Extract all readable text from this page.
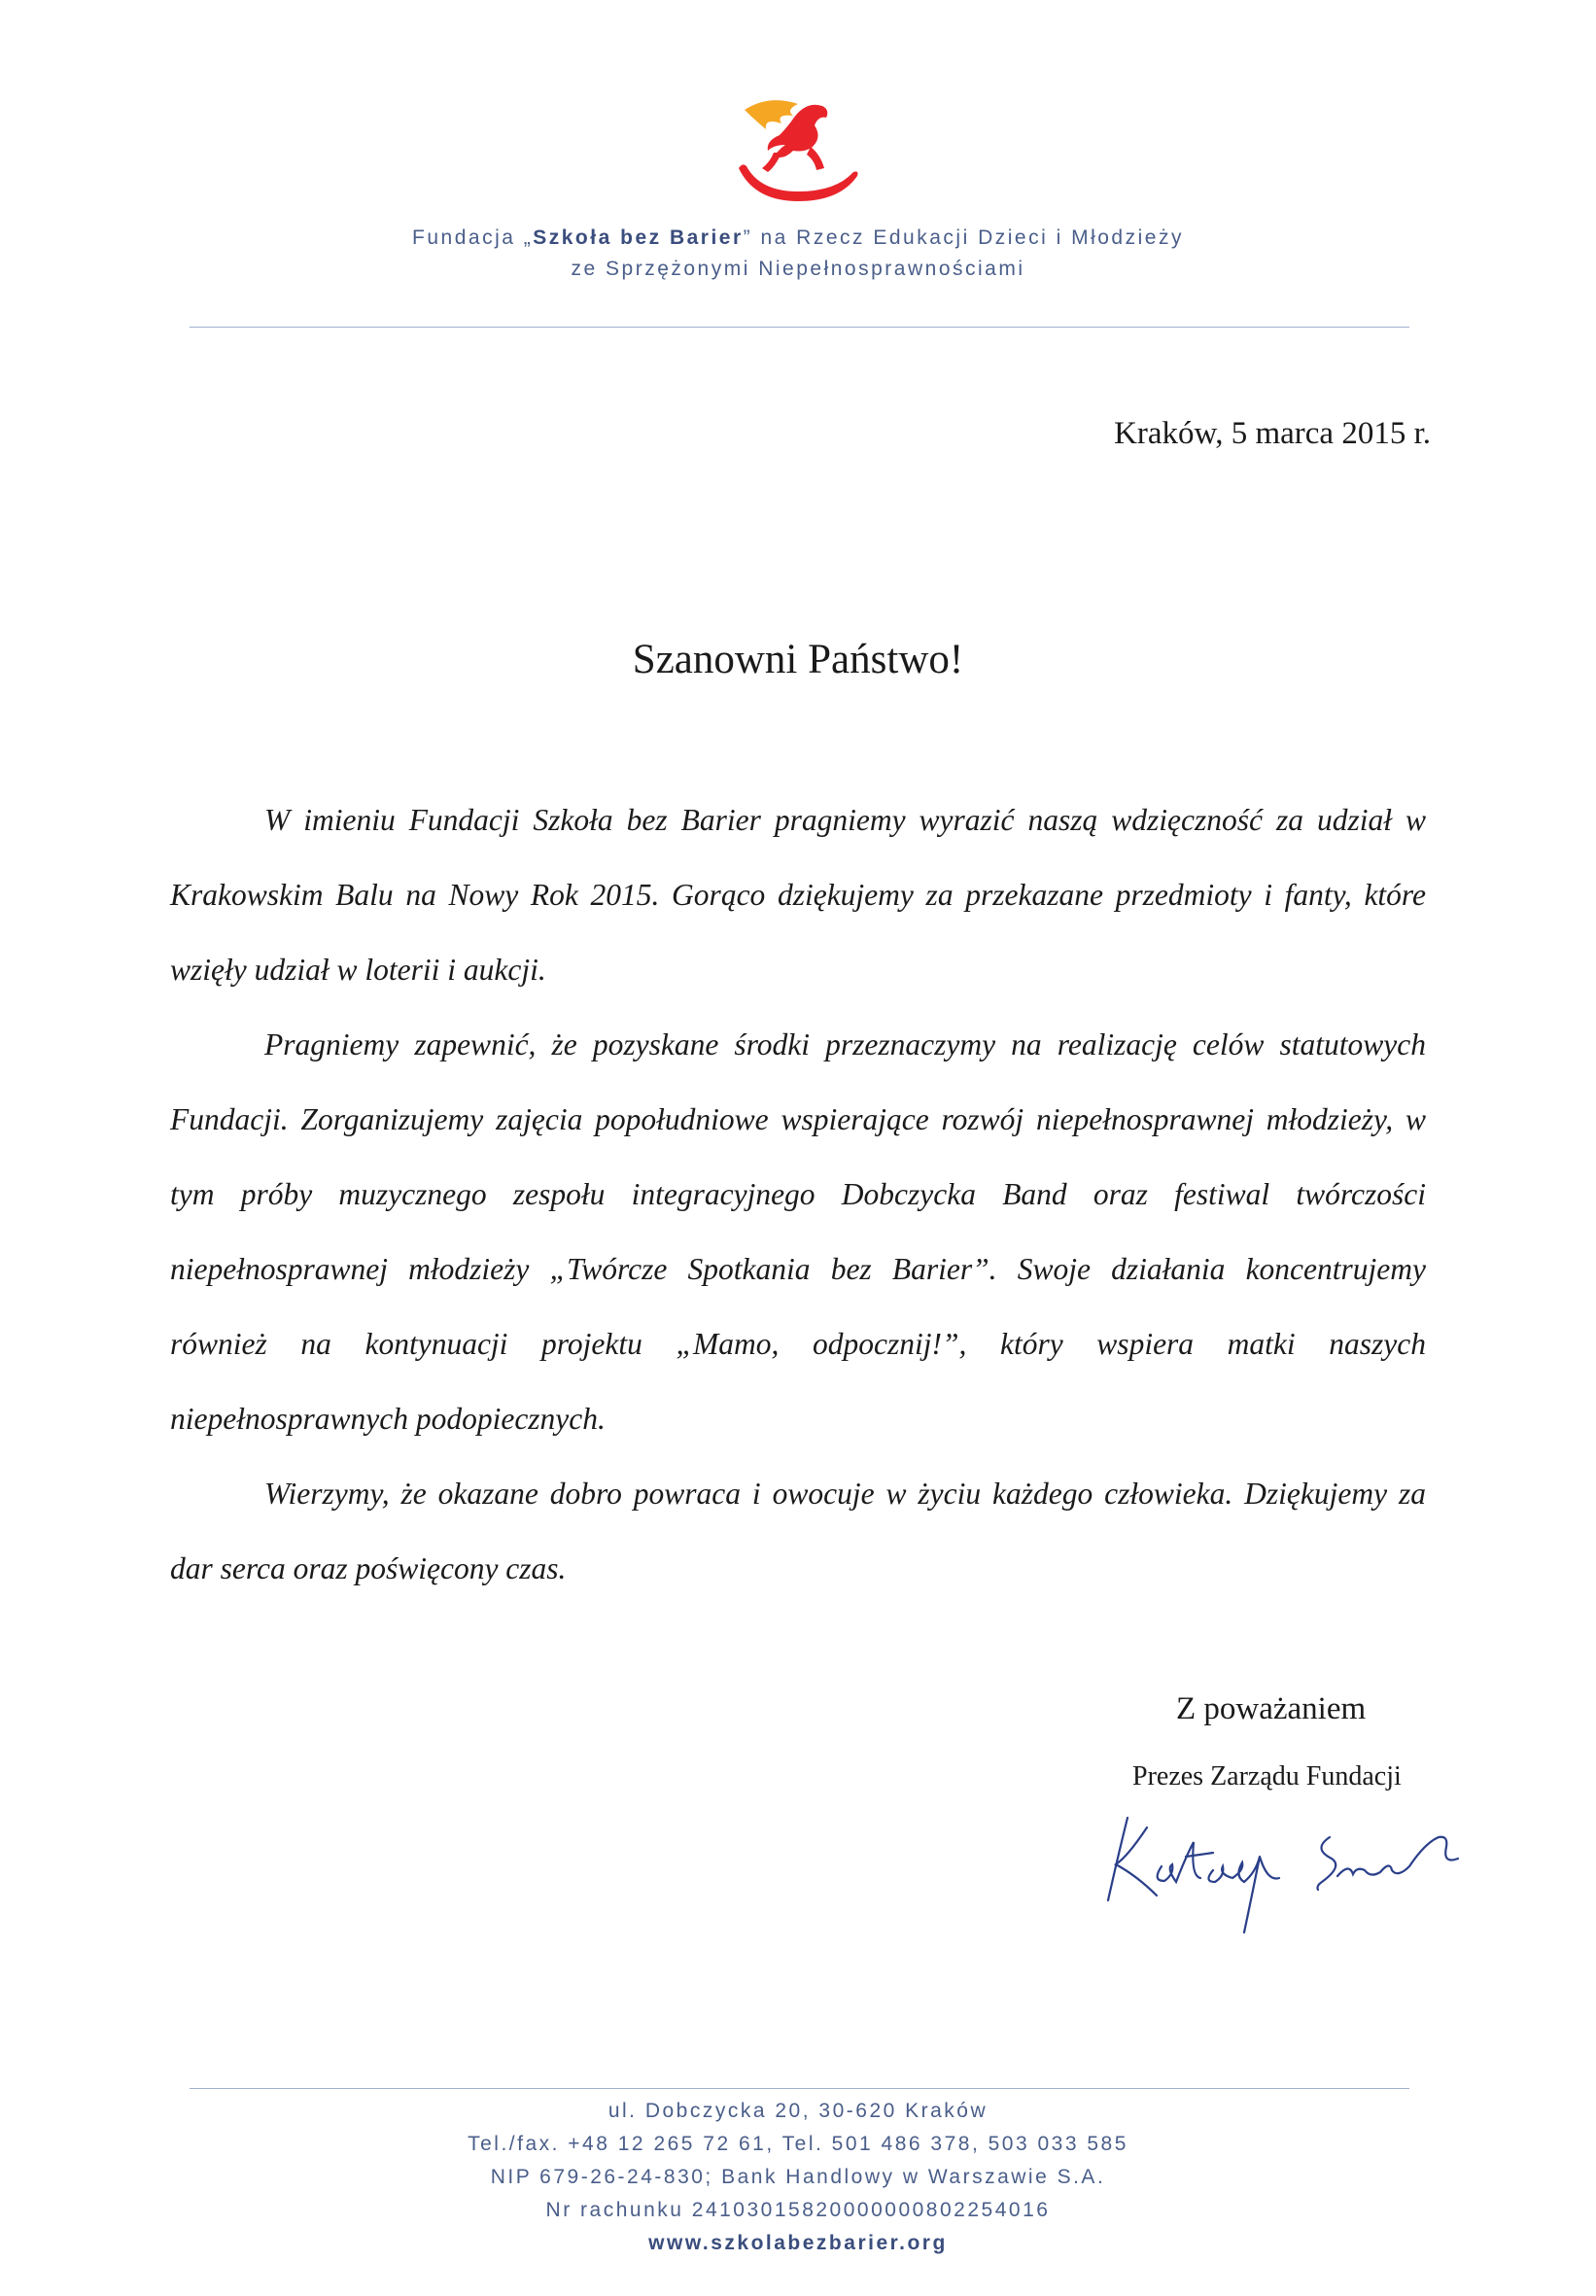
Fundacja „Szkoła bez Barier” na Rzecz Edukacji Dzieci i Młodzieży
ze Sprzężonymi Niepełnosprawnościami
Kraków, 5 marca 2015 r.
Szanowni Państwo!

W imieniu Fundacji Szkoła bez Barier pragniemy wyrazić naszą wdzięczność za udział w Krakowskim Balu na Nowy Rok 2015. Gorąco dziękujemy za przekazane przedmioty i fanty, które wzięły udział w loterii i aukcji.

Pragniemy zapewnić, że pozyskane środki przeznaczymy na realizację celów statutowych Fundacji. Zorganizujemy zajęcia popołudniowe wspierające rozwój niepełnosprawnej młodzieży, w tym próby muzycznego zespołu integracyjnego Dobczycka Band oraz festiwal twórczości niepełnosprawnej młodzieży „Twórcze Spotkania bez Barier”. Swoje działania koncentrujemy również na kontynuacji projektu „Mamo, odpocznij!”, który wspiera matki naszych niepełnosprawnych podopiecznych.

Wierzymy, że okazane dobro powraca i owocuje w życiu każdego człowieka. Dziękujemy za dar serca oraz poświęcony czas.

Z poważaniem
Prezes Zarządu Fundacji
ul. Dobczycka 20, 30-620 Kraków
Tel./fax. +48 12 265 72 61, Tel. 501 486 378, 503 033 585
NIP 679-26-24-830; Bank Handlowy w Warszawie S.A.
Nr rachunku 24103015820000000802254016
www.szkolabezbarier.org
